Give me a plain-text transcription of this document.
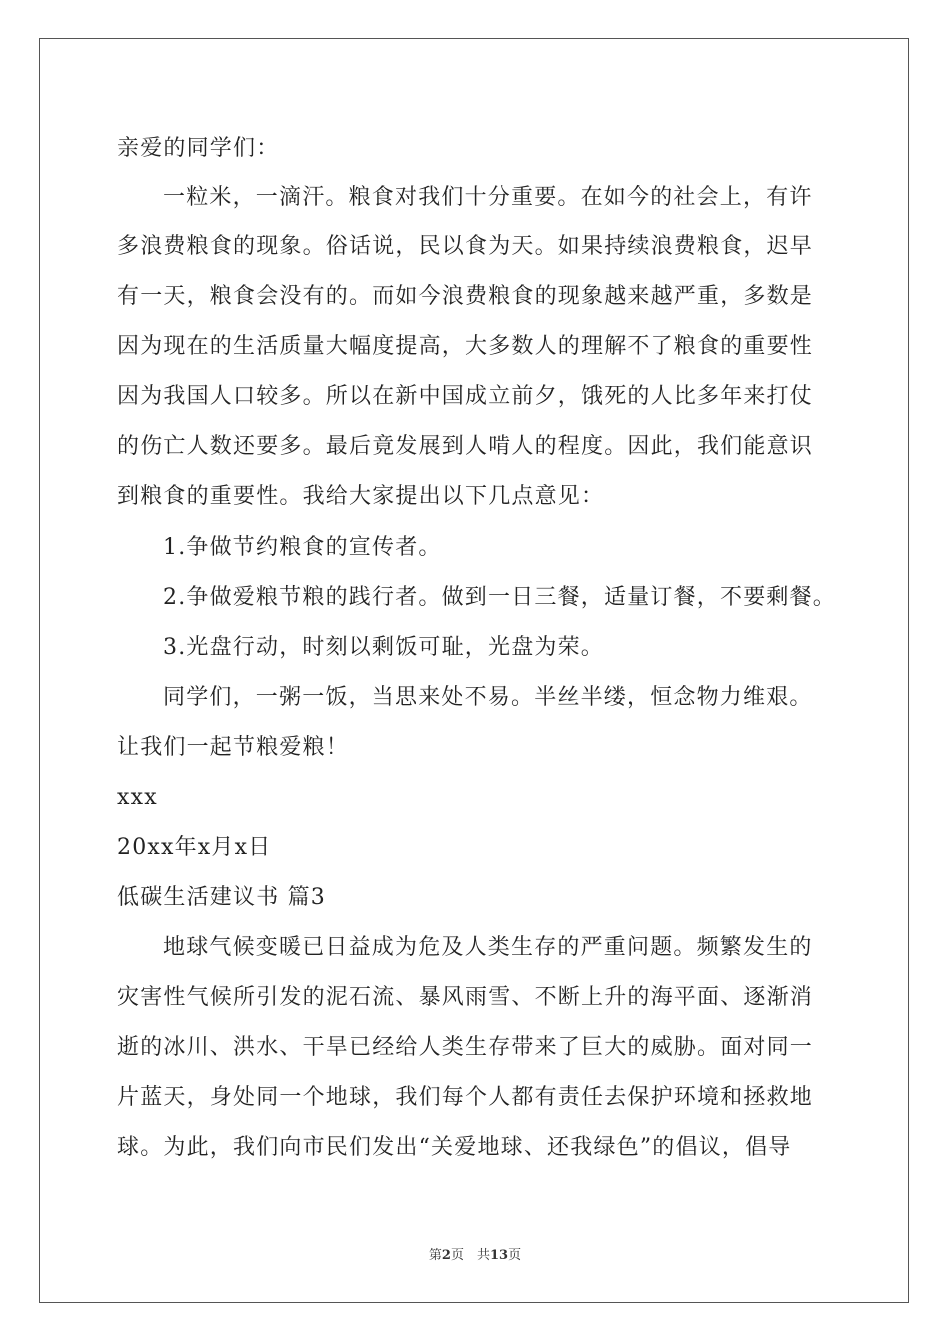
亲爱的同学们：
一粒米，一滴汗。粮食对我们十分重要。在如今的社会上，有许
多浪费粮食的现象。俗话说，民以食为天。如果持续浪费粮食，迟早
有一天，粮食会没有的。而如今浪费粮食的现象越来越严重，多数是
因为现在的生活质量大幅度提高，大多数人的理解不了粮食的重要性
因为我国人口较多。所以在新中国成立前夕，饿死的人比多年来打仗
的伤亡人数还要多。最后竟发展到人啃人的程度。因此，我们能意识
到粮食的重要性。我给大家提出以下几点意见：
1.争做节约粮食的宣传者。
2.争做爱粮节粮的践行者。做到一日三餐，适量订餐，不要剩餐。
3.光盘行动，时刻以剩饭可耻，光盘为荣。
同学们，一粥一饭，当思来处不易。半丝半缕，恒念物力维艰。
让我们一起节粮爱粮！
xxx
20xx年x月x日
低碳生活建议书 篇3
地球气候变暖已日益成为危及人类生存的严重问题。频繁发生的
灾害性气候所引发的泥石流、暴风雨雪、不断上升的海平面、逐渐消
逝的冰川、洪水、干旱已经给人类生存带来了巨大的威胁。面对同一
片蓝天，身处同一个地球，我们每个人都有责任去保护环境和拯救地
球。为此，我们向市民们发出“关爱地球、还我绿色”的倡议，倡导
第2页　共13页
